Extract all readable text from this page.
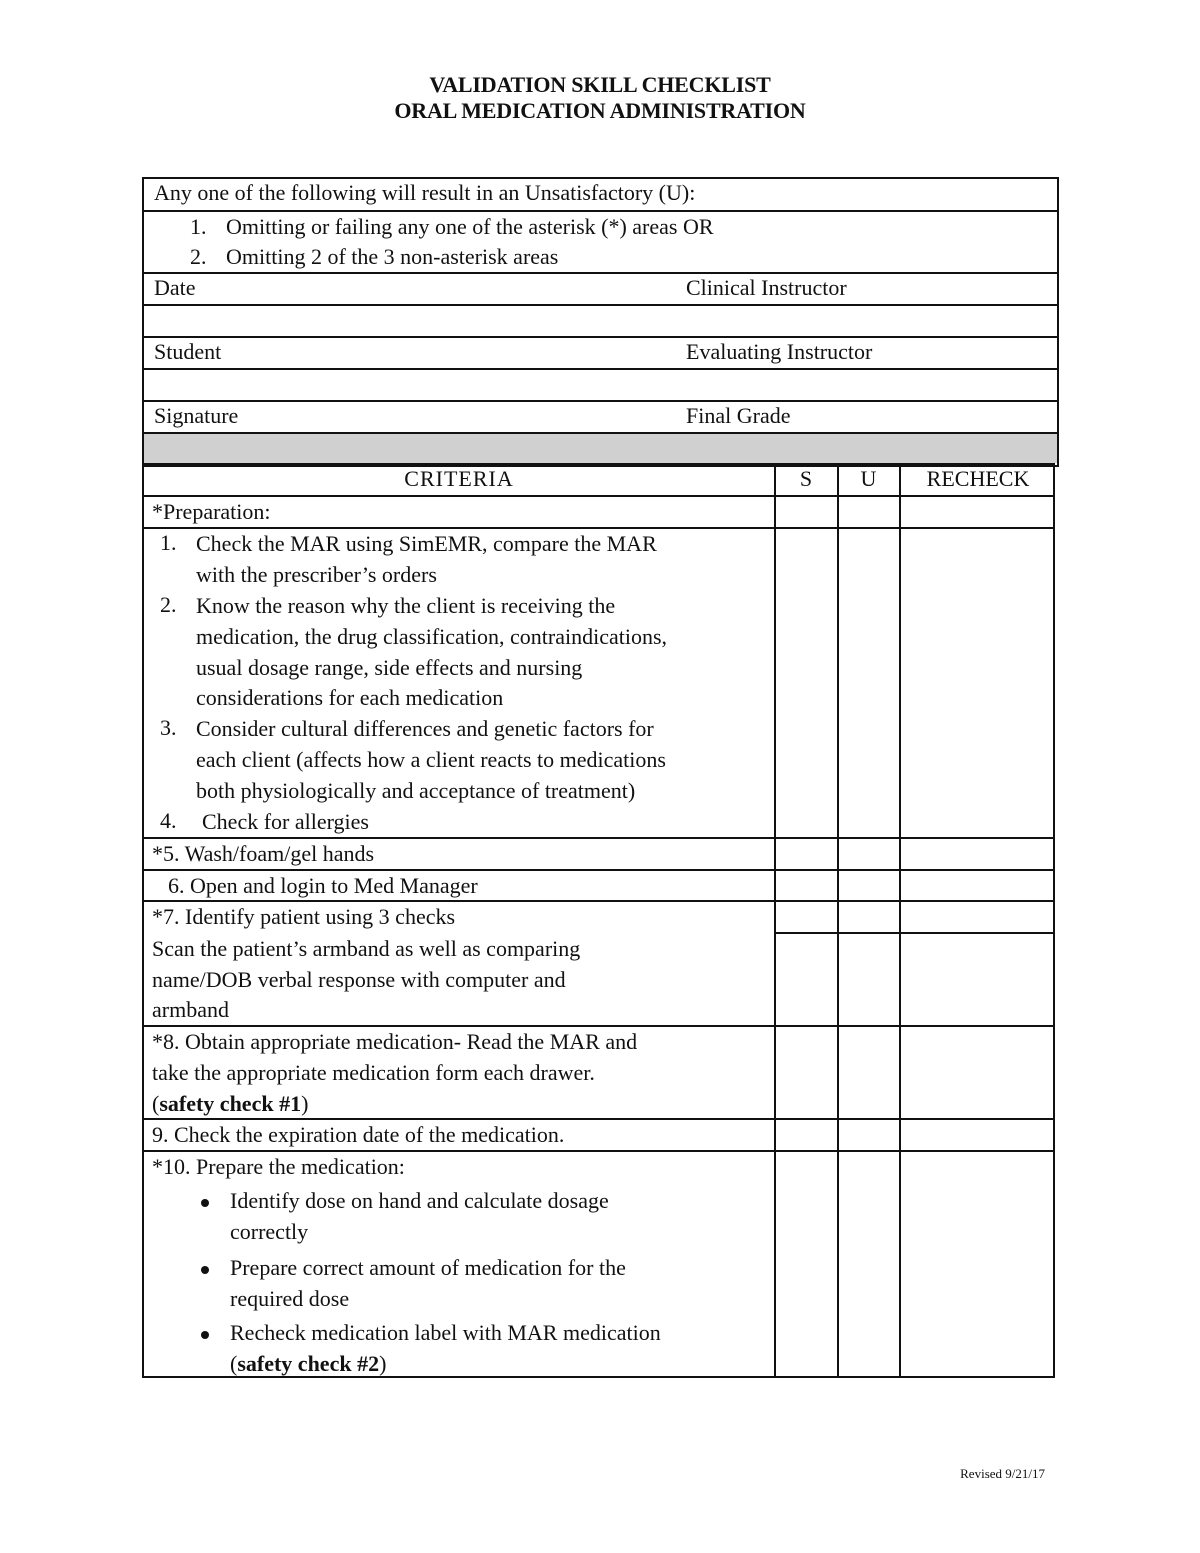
VALIDATION SKILL CHECKLIST
ORAL MEDICATION ADMINISTRATION
Any one of the following will result in an Unsatisfactory (U):
1. Omitting or failing any one of the asterisk (*) areas OR
2. Omitting 2 of the 3 non-asterisk areas
Date	Clinical Instructor
Student	Evaluating Instructor
Signature	Final Grade
CRITERIA	S	U	RECHECK
*Preparation:
1. Check the MAR using SimEMR, compare the MAR
with the prescriber’s orders
2. Know the reason why the client is receiving the
medication, the drug classification, contraindications,
usual dosage range, side effects and nursing
considerations for each medication
3. Consider cultural differences and genetic factors for
each client (affects how a client reacts to medications
both physiologically and acceptance of treatment)
4. Check for allergies
*5. Wash/foam/gel hands
6. Open and login to Med Manager
*7. Identify patient using 3 checks
Scan the patient’s armband as well as comparing
name/DOB verbal response with computer and
armband
*8. Obtain appropriate medication- Read the MAR and
take the appropriate medication form each drawer.
(safety check #1)
9. Check the expiration date of the medication.
*10. Prepare the medication:
Identify dose on hand and calculate dosage
correctly
Prepare correct amount of medication for the
required dose
Recheck medication label with MAR medication
(safety check #2)
Revised 9/21/17
